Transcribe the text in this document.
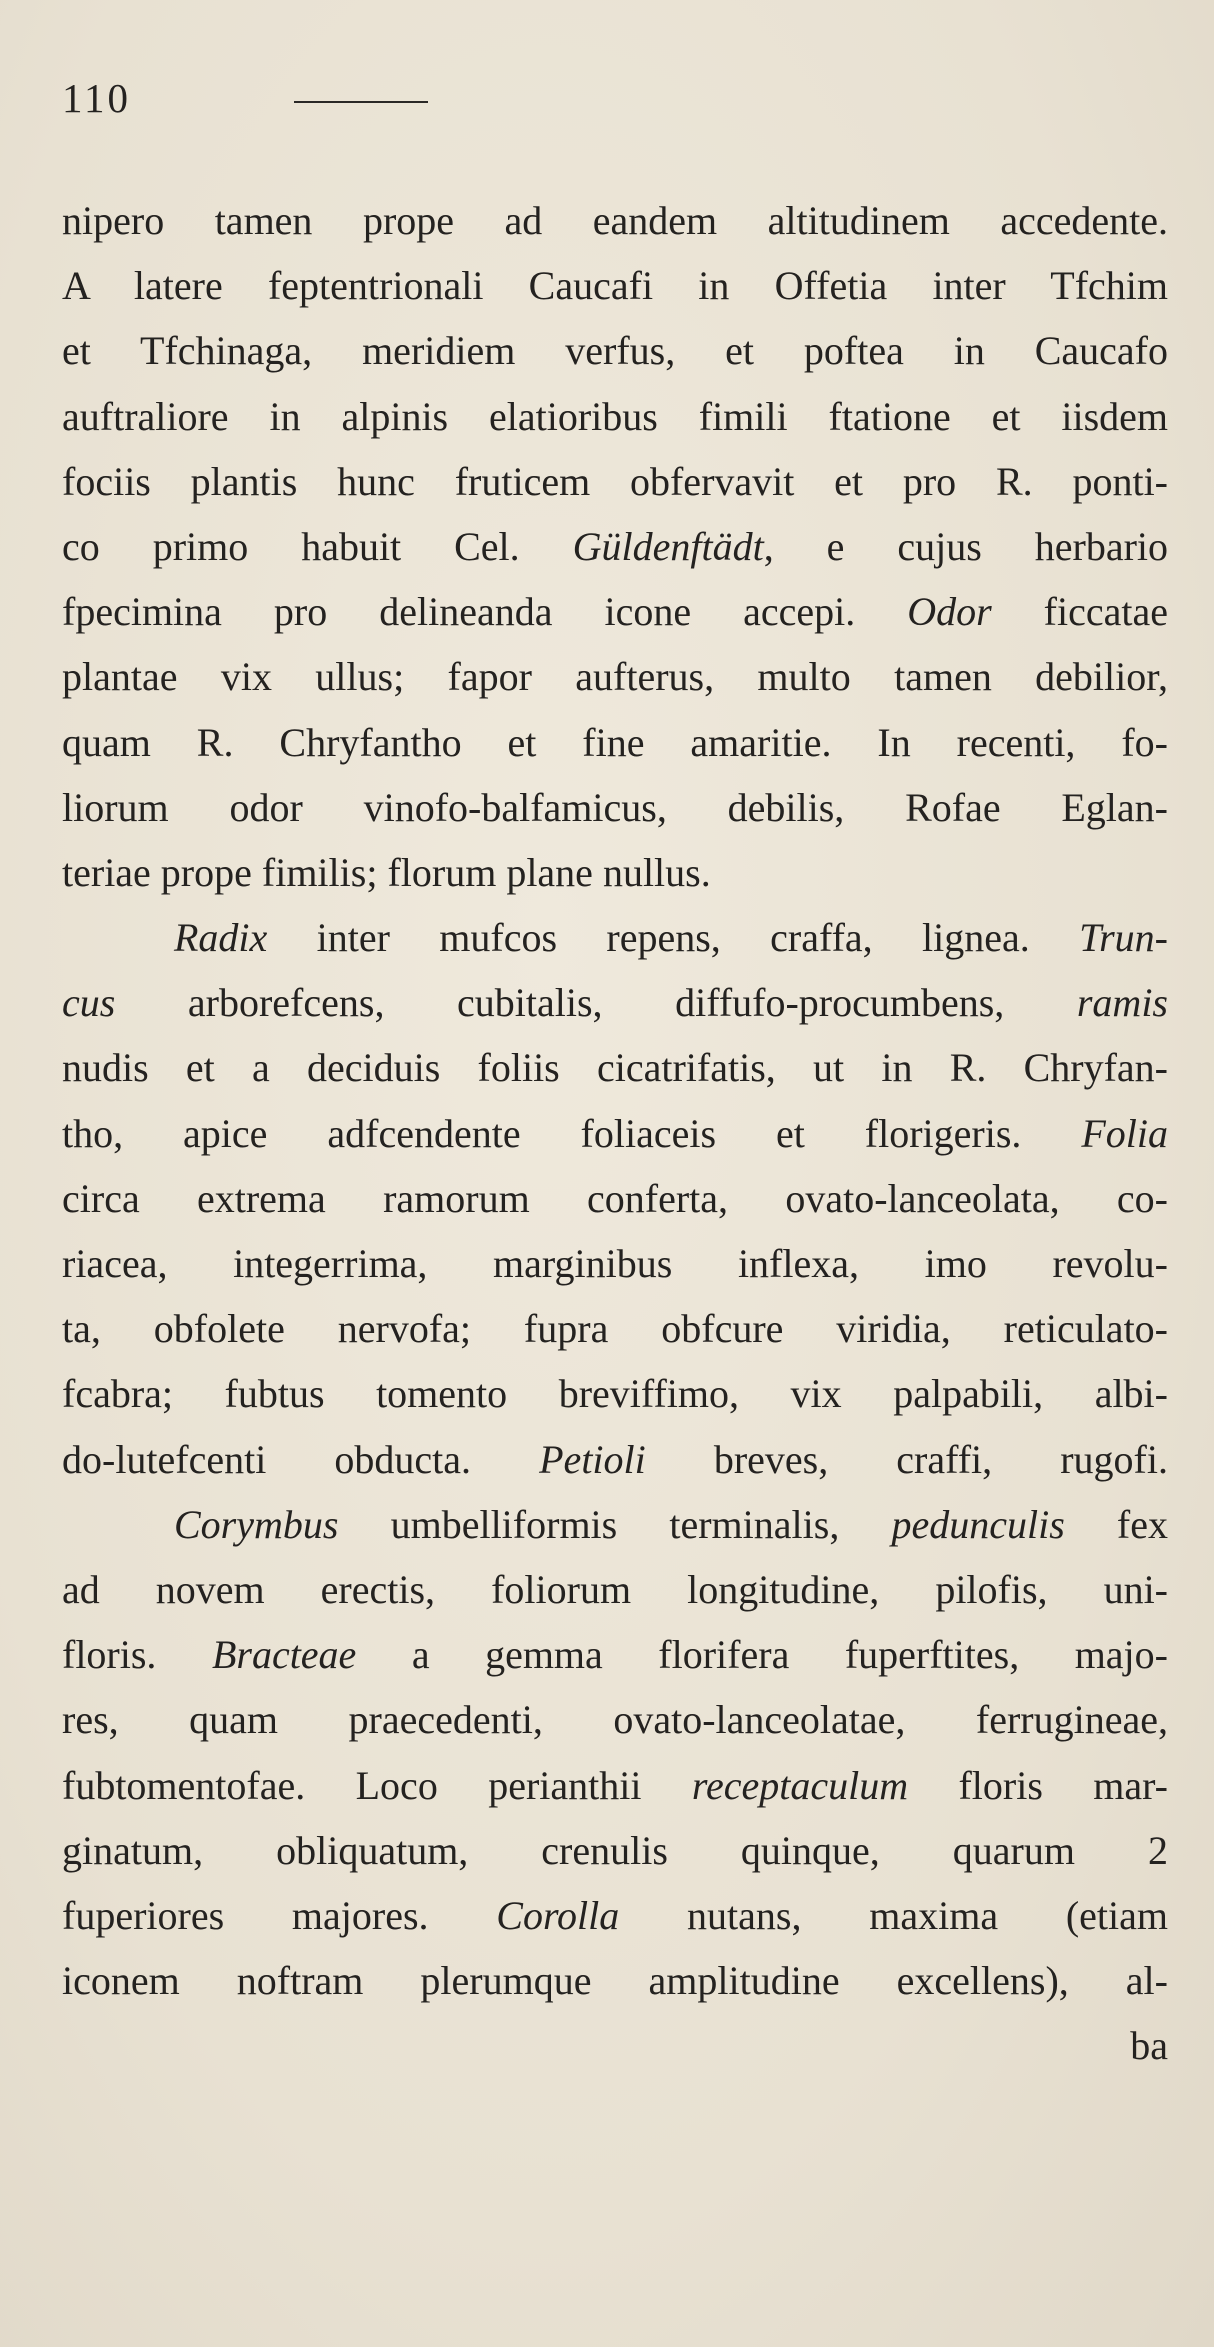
110
nipero tamen prope ad eandem altitudinem accedente.
A latere feptentrionali Caucafi in Offetia inter Tfchim
et Tfchinaga, meridiem verfus, et poftea in Caucafo
auftraliore in alpinis elatioribus fimili ftatione et iisdem
fociis plantis hunc fruticem obfervavit et pro R. ponti-
co primo habuit Cel. Güldenftädt, e cujus herbario
fpecimina pro delineanda icone accepi. Odor ficcatae
plantae vix ullus; fapor aufterus, multo tamen debilior,
quam R. Chryfantho et fine amaritie. In recenti, fo-
liorum odor vinofo-balfamicus, debilis, Rofae Eglan-
teriae prope fimilis; florum plane nullus.
Radix inter mufcos repens, craffa, lignea. Trun-
cus arborefcens, cubitalis, diffufo-procumbens, ramis
nudis et a deciduis foliis cicatrifatis, ut in R. Chryfan-
tho, apice adfcendente foliaceis et florigeris. Folia
circa extrema ramorum conferta, ovato-lanceolata, co-
riacea, integerrima, marginibus inflexa, imo revolu-
ta, obfolete nervofa; fupra obfcure viridia, reticulato-
fcabra; fubtus tomento breviffimo, vix palpabili, albi-
do-lutefcenti obducta. Petioli breves, craffi, rugofi.
Corymbus umbelliformis terminalis, pedunculis fex
ad novem erectis, foliorum longitudine, pilofis, uni-
floris. Bracteae a gemma florifera fuperftites, majo-
res, quam praecedenti, ovato-lanceolatae, ferrugineae,
fubtomentofae. Loco perianthii receptaculum floris mar-
ginatum, obliquatum, crenulis quinque, quarum 2
fuperiores majores. Corolla nutans, maxima (etiam
iconem noftram plerumque amplitudine excellens), al-
ba
